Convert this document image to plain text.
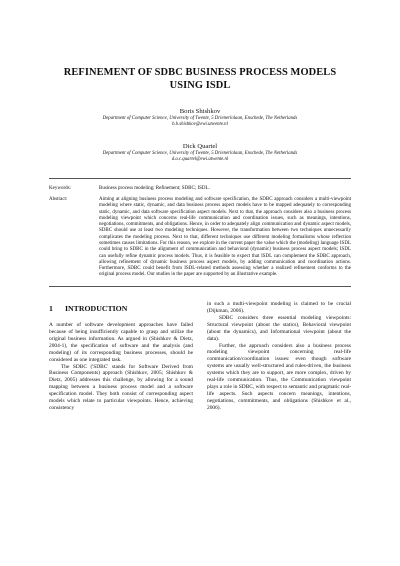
REFINEMENT OF SDBC BUSINESS PROCESS MODELS
USING ISDL
Boris Shishkov
Department of Computer Science, University of Twente, 5 Drienerlolaan, Enschede, The Netherlands
b.b.shishkov@ewi.utwente.nl
Dick Quartel
Department of Computer Science, University of Twente, 5 Drienerlolaan, Enschede, The Netherlands
d.a.c.quartel@ewi.utwente.nl
Keywords:	Business process modeling; Refinement; SDBC; ISDL.
Abstract:	Aiming at aligning business process modeling and software specification, the SDBC approach considers a multi-viewpoint modeling where static, dynamic, and data business process aspect models have to be mapped adequately to corresponding static, dynamic, and data software specification aspect models. Next to that, the approach considers also a business process modeling viewpoint which concerns real-life communication and coordination issues, such as meanings, intentions, negotiations, commitments, and obligations. Hence, in order to adequately align communication and dynamic aspect models, SDBC should use at least two modeling techniques. However, the transformation between two techniques unnecessarily complicates the modeling process. Next to that, different techniques use different modeling formalisms whose reflection sometimes causes limitations. For this reason, we explore in the current paper the value which the (modeling) language ISDL could bring to SDBC in the alignment of communication and behavioral (dynamic) business process aspect models; ISDL can usefully refine dynamic process models. Thus, it is feasible to expect that ISDL can complement the SDBC approach, allowing refinement of dynamic business process aspect models, by adding communication and coordination actions. Furthermore, SDBC could benefit from ISDL-related methods assessing whether a realized refinement conforms to the original process model. Our studies in the paper are supported by an illustrative example.
1	INTRODUCTION

A number of software development approaches have failed because of being insufficiently capable to grasp and utilize the original business information. As argued in (Shishkov & Dietz, 2004-1), the specification of software and the analysis (and modeling) of its corresponding business processes, should be considered as one integrated task.

The SDBC ('SDBC' stands for Software Derived from Business Components) approach (Shishkov, 2005; Shishkov & Dietz, 2005) addresses this challenge, by allowing for a sound mapping between a business process model and a software specification model. They both consist of corresponding aspect models which relate to particular viewpoints. Hence, achieving consistency

in such a multi-viewpoint modeling is claimed to be crucial (Dijkman, 2006).

SDBC considers three essential modeling viewpoints: Structural viewpoint (about the statics), Behavioral viewpoint (about the dynamics), and Informational viewpoint (about the data).

Further, the approach considers also a business process modeling viewpoint concerning real-life communication/coordination issues: even though software systems are usually well-structured and rules-driven, the business systems which they are to support, are more complex, driven by real-life communication. Thus, the Communication viewpoint plays a role in SDBC, with respect to semantic and pragmatic real-life aspects. Such aspects concern meanings, intentions, negotiations, commitments, and obligations (Shishkov et al., 2006).
